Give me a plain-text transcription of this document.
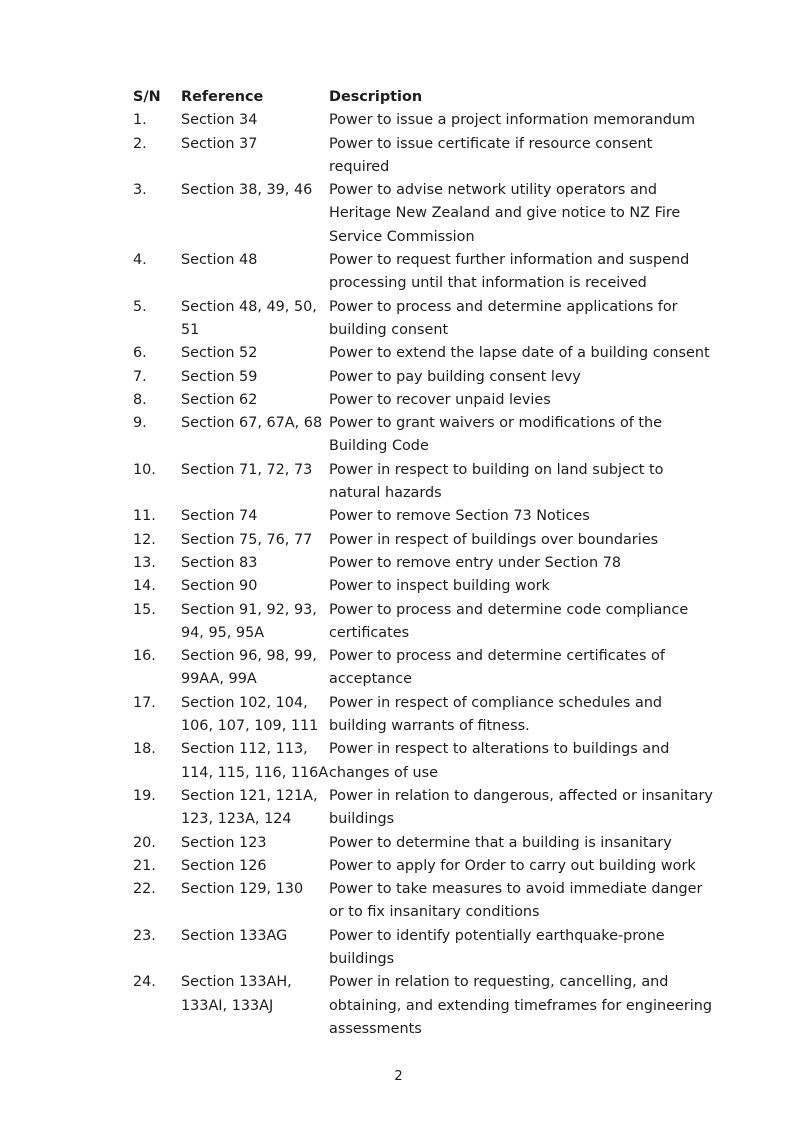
S/N	Reference	Description
1.	Section 34	Power to issue a project information memorandum
2.	Section 37	Power to issue certificate if resource consent required
3.	Section 38, 39, 46	Power to advise network utility operators and Heritage New Zealand and give notice to NZ Fire Service Commission
4.	Section 48	Power to request further information and suspend processing until that information is received
5.	Section 48, 49, 50, 51	Power to process and determine applications for building consent
6.	Section 52	Power to extend the lapse date of a building consent
7.	Section 59	Power to pay building consent levy
8.	Section 62	Power to recover unpaid levies
9.	Section 67, 67A, 68	Power to grant waivers or modifications of the Building Code
10.	Section 71, 72, 73	Power in respect to building on land subject to natural hazards
11.	Section 74	Power to remove Section 73 Notices
12.	Section 75, 76, 77	Power in respect of buildings over boundaries
13.	Section 83	Power to remove entry under Section 78
14.	Section 90	Power to inspect building work
15.	Section 91, 92, 93, 94, 95, 95A	Power to process and determine code compliance certificates
16.	Section 96, 98, 99, 99AA, 99A	Power to process and determine certificates of acceptance
17.	Section 102, 104, 106, 107, 109, 111	Power in respect of compliance schedules and building warrants of fitness.
18.	Section 112, 113, 114, 115, 116, 116A	Power in respect to alterations to buildings and changes of use
19.	Section 121, 121A, 123, 123A, 124	Power in relation to dangerous, affected or insanitary buildings
20.	Section 123	Power to determine that a building is insanitary
21.	Section 126	Power to apply for Order to carry out building work
22.	Section 129, 130	Power to take measures to avoid immediate danger or to fix insanitary conditions
23.	Section 133AG	Power to identify potentially earthquake-prone buildings
24.	Section 133AH, 133AI, 133AJ	Power in relation to requesting, cancelling, and obtaining, and extending timeframes for engineering assessments
2
